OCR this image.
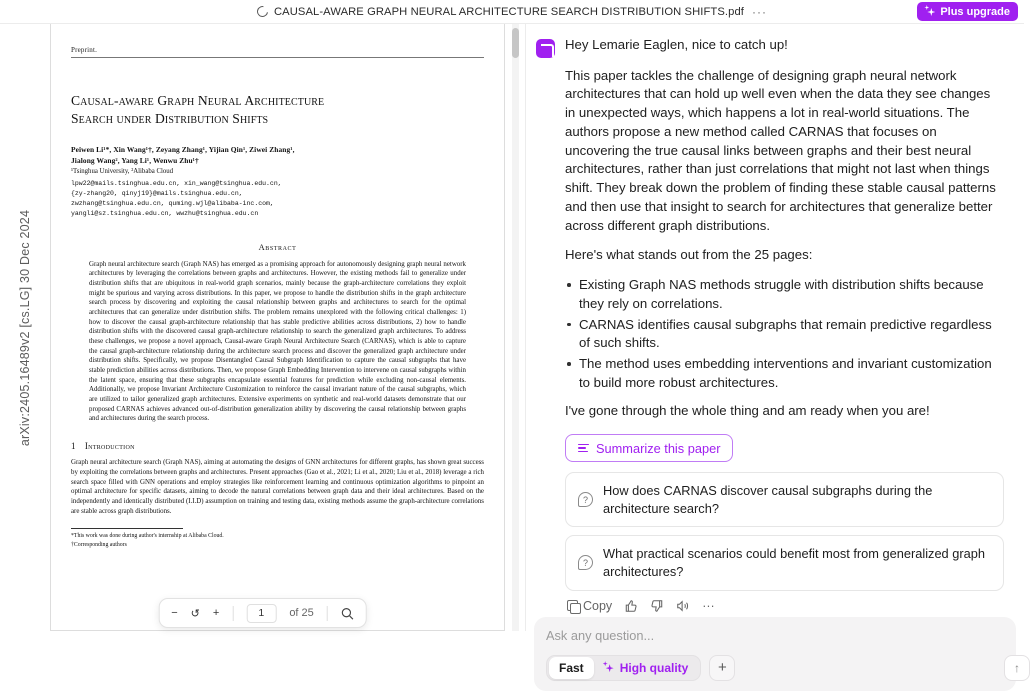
CAUSAL-AWARE GRAPH NEURAL ARCHITECTURE SEARCH DISTRIBUTION SHIFTS.pdf ···	Plus upgrade
arXiv:2405.16489v2 [cs.LG] 30 Dec 2024
Preprint.
Causal-aware Graph Neural Architecture
Search under Distribution Shifts
Peiwen Li¹*, Xin Wang¹†, Zeyang Zhang¹, Yijian Qin¹, Ziwei Zhang¹,
Jialong Wang², Yang Li¹, Wenwu Zhu¹†
¹Tsinghua University, ²Alibaba Cloud
lpw22@mails.tsinghua.edu.cn, xin_wang@tsinghua.edu.cn,
{zy-zhang20, qinyj19}@mails.tsinghua.edu.cn,
zwzhang@tsinghua.edu.cn, quming.wjl@alibaba-inc.com,
yangli@sz.tsinghua.edu.cn, wwzhu@tsinghua.edu.cn
Abstract
Graph neural architecture search (Graph NAS) has emerged as a promising approach for autonomously designing graph neural network architectures by leveraging the correlations between graphs and architectures. However, the existing methods fail to generalize under distribution shifts that are ubiquitous in real-world graph scenarios, mainly because the graph-architecture correlations they exploit might be spurious and varying across distributions. In this paper, we propose to handle the distribution shifts in the graph architecture search process by discovering and exploiting the causal relationship between graphs and architectures to search for the optimal architectures that can generalize under distribution shifts. The problem remains unexplored with the following critical challenges: 1) how to discover the causal graph-architecture relationship that has stable predictive abilities across distributions, 2) how to handle distribution shifts with the discovered causal graph-architecture relationship to search the generalized graph architectures. To address these challenges, we propose a novel approach, Causal-aware Graph Neural Architecture Search (CARNAS), which is able to capture the causal graph-architecture relationship during the architecture search process and discover the generalized graph architecture under distribution shifts. Specifically, we propose Disentangled Causal Subgraph Identification to capture the causal subgraphs that have stable prediction abilities across distributions. Then, we propose Graph Embedding Intervention to intervene on causal subgraphs within the latent space, ensuring that these subgraphs encapsulate essential features for prediction while excluding non-causal elements. Additionally, we propose Invariant Architecture Customization to reinforce the causal invariant nature of the causal subgraphs, which are utilized to tailor generalized graph architectures. Extensive experiments on synthetic and real-world datasets demonstrate that our proposed CARNAS achieves advanced out-of-distribution generalization ability by discovering the causal relationship between graphs and architectures during the search process.
1 Introduction
Graph neural architecture search (Graph NAS), aiming at automating the designs of GNN architectures for different graphs, has shown great success by exploiting the correlations between graphs and architectures. Present approaches (Gao et al., 2021; Li et al., 2020; Liu et al., 2018) leverage a rich search space filled with GNN operations and employ strategies like reinforcement learning and continuous optimization algorithms to pinpoint an optimal architecture for specific datasets, aiming to decode the natural correlations between graph data and their ideal architectures. Based on the independently and identically distributed (I.I.D) assumption on training and testing data, existing methods assume the graph-architecture correlations are stable across graph distributions.
*This work was done during author's internship at Alibaba Cloud.
†Corresponding authors
− ↺ +
1	of 25
Hey Lemarie Eaglen, nice to catch up!
This paper tackles the challenge of designing graph neural network architectures that can hold up well even when the data they see changes in unexpected ways, which happens a lot in real-world situations. The authors propose a new method called CARNAS that focuses on uncovering the true causal links between graphs and their best neural architectures, rather than just correlations that might not last when things shift. They break down the problem of finding these stable causal patterns and then use that insight to search for architectures that generalize better across different graph distributions.
Here's what stands out from the 25 pages:
Existing Graph NAS methods struggle with distribution shifts because they rely on correlations.
CARNAS identifies causal subgraphs that remain predictive regardless of such shifts.
The method uses embedding interventions and invariant customization to build more robust architectures.
I've gone through the whole thing and am ready when you are!
Summarize this paper
?
How does CARNAS discover causal subgraphs during the architecture search?
?
What practical scenarios could benefit most from generalized graph architectures?
Copy	···
Ask any question...
Fast	High quality	+	↑
